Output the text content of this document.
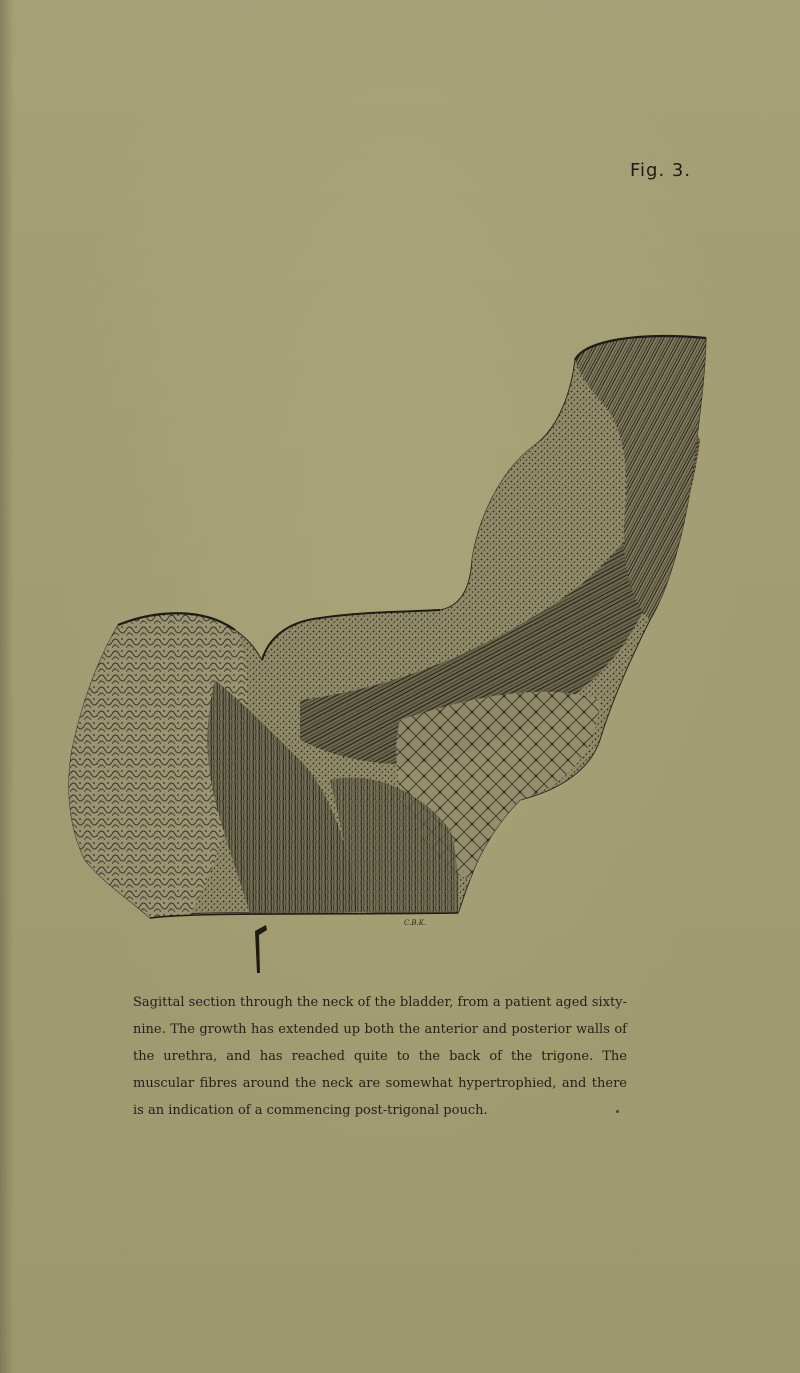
Fig. 3.
C.B.K.
Sagittal section through the neck of the bladder, from a patient aged sixty-nine. The growth has extended up both the anterior and posterior walls of the urethra, and has reached quite to the back of the trigone. The muscular fibres around the neck are somewhat hypertrophied, and there is an indication of a commencing post-trigonal pouch.
